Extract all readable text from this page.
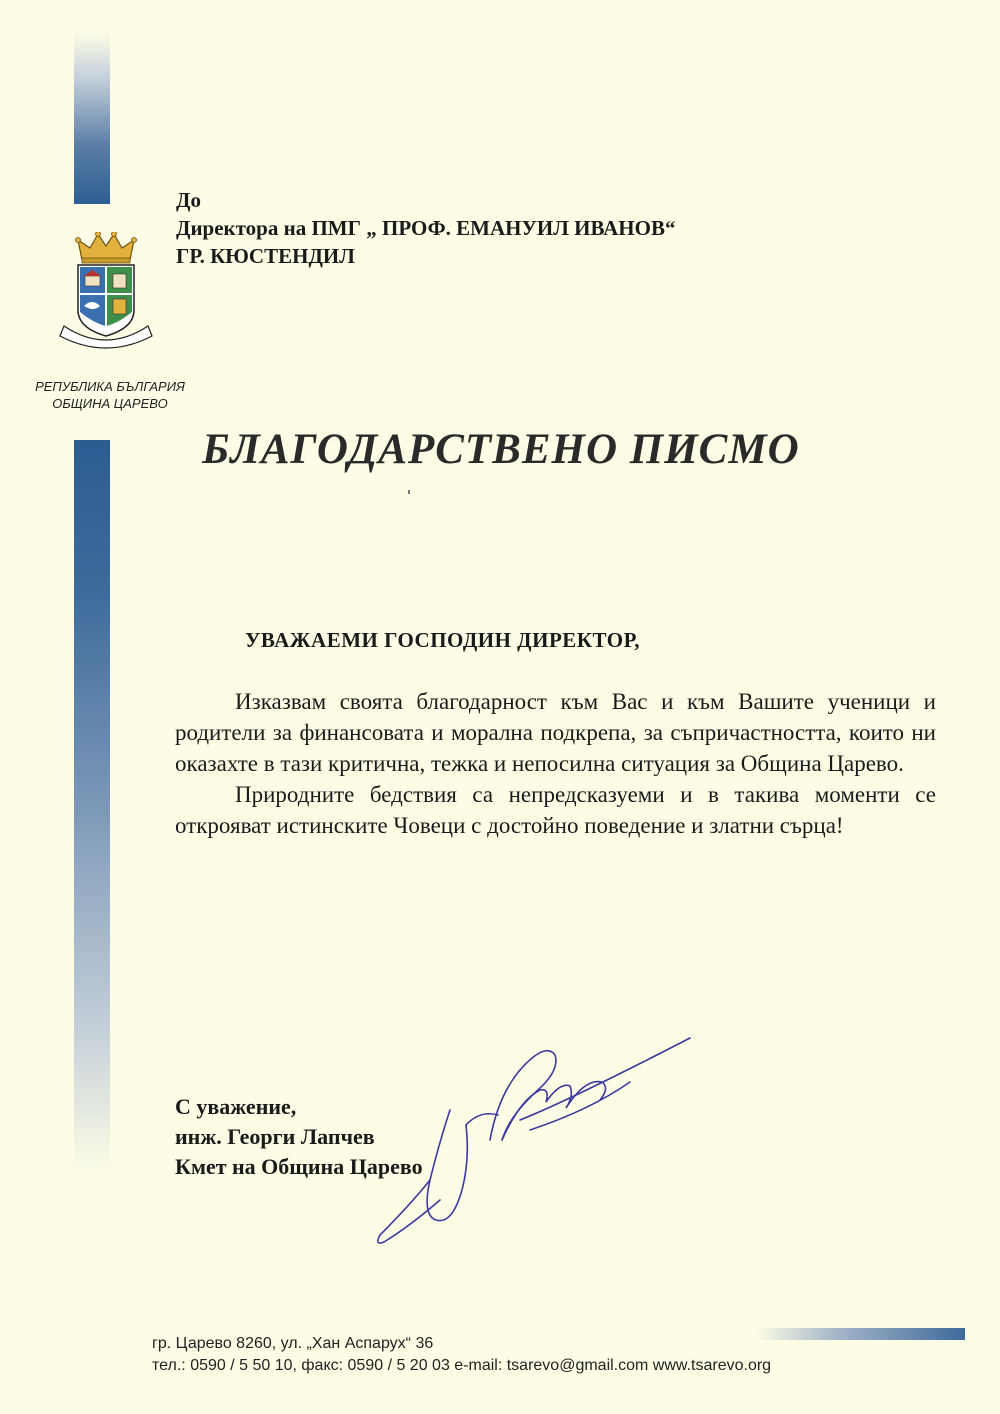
До
Директора на ПМГ „ ПРОФ. ЕМАНУИЛ ИВАНОВ“
ГР. КЮСТЕНДИЛ
РЕПУБЛИКА БЪЛГАРИЯ
ОБЩИНА ЦАРЕВО
БЛАГОДАРСТВЕНО ПИСМО
УВАЖАЕМИ ГОСПОДИН ДИРЕКТОР,

Изказвам своята благодарност към Вас и към Вашите ученици и родители за финансовата и морална подкрепа, за съпричастността, които ни оказахте в тази критична, тежка и непосилна ситуация за Община Царево.

Природните бедствия са непредсказуеми и в такива моменти се открояват истинските Човеци с достойно поведение и златни сърца!

С уважение,
инж. Георги Лапчев
Кмет на Община Царево
гр. Царево 8260, ул. „Хан Аспарух“ 36
тел.: 0590 / 5 50 10, факс: 0590 / 5 20 03 e-mail: tsarevo@gmail.com www.tsarevo.org
